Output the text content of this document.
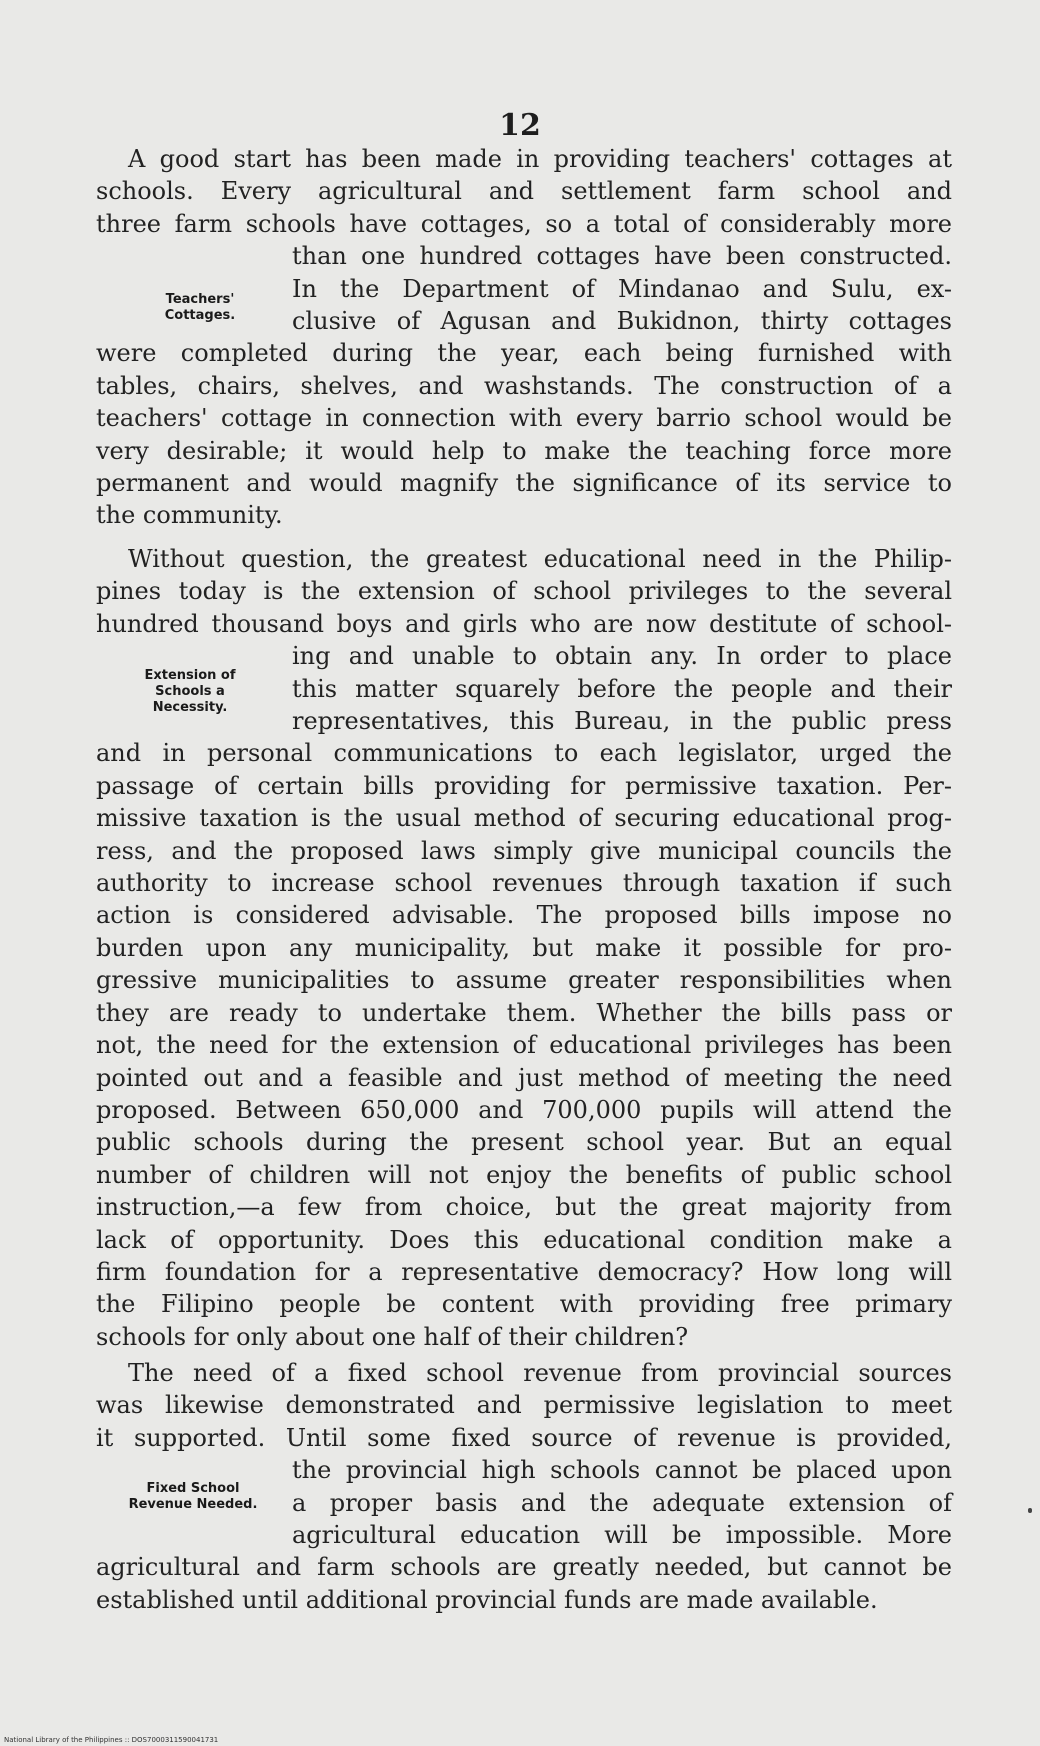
12
A good start has been made in providing teachers' cottages at
schools. Every agricultural and settlement farm school and
three farm schools have cottages, so a total of considerably more
than one hundred cottages have been constructed.
In the Department of Mindanao and Sulu, ex-
clusive of Agusan and Bukidnon, thirty cottages
were completed during the year, each being furnished with
tables, chairs, shelves, and washstands. The construction of a
teachers' cottage in connection with every barrio school would be
very desirable; it would help to make the teaching force more
permanent and would magnify the significance of its service to
the community.
Teachers'
Cottages.
Without question, the greatest educational need in the Philip-
pines today is the extension of school privileges to the several
hundred thousand boys and girls who are now destitute of school-
ing and unable to obtain any. In order to place
this matter squarely before the people and their
representatives, this Bureau, in the public press
and in personal communications to each legislator, urged the
passage of certain bills providing for permissive taxation. Per-
missive taxation is the usual method of securing educational prog-
ress, and the proposed laws simply give municipal councils the
authority to increase school revenues through taxation if such
action is considered advisable. The proposed bills impose no
burden upon any municipality, but make it possible for pro-
gressive municipalities to assume greater responsibilities when
they are ready to undertake them. Whether the bills pass or
not, the need for the extension of educational privileges has been
pointed out and a feasible and just method of meeting the need
proposed. Between 650,000 and 700,000 pupils will attend the
public schools during the present school year. But an equal
number of children will not enjoy the benefits of public school
instruction,—a few from choice, but the great majority from
lack of opportunity. Does this educational condition make a
firm foundation for a representative democracy? How long will
the Filipino people be content with providing free primary
schools for only about one half of their children?
Extension of
Schools a
Necessity.
The need of a fixed school revenue from provincial sources
was likewise demonstrated and permissive legislation to meet
it supported. Until some fixed source of revenue is provided,
the provincial high schools cannot be placed upon
a proper basis and the adequate extension of
agricultural education will be impossible. More
agricultural and farm schools are greatly needed, but cannot be
established until additional provincial funds are made available.
Fixed School
Revenue Needed.
National Library of the Philippines :: DOS7000311590041731
